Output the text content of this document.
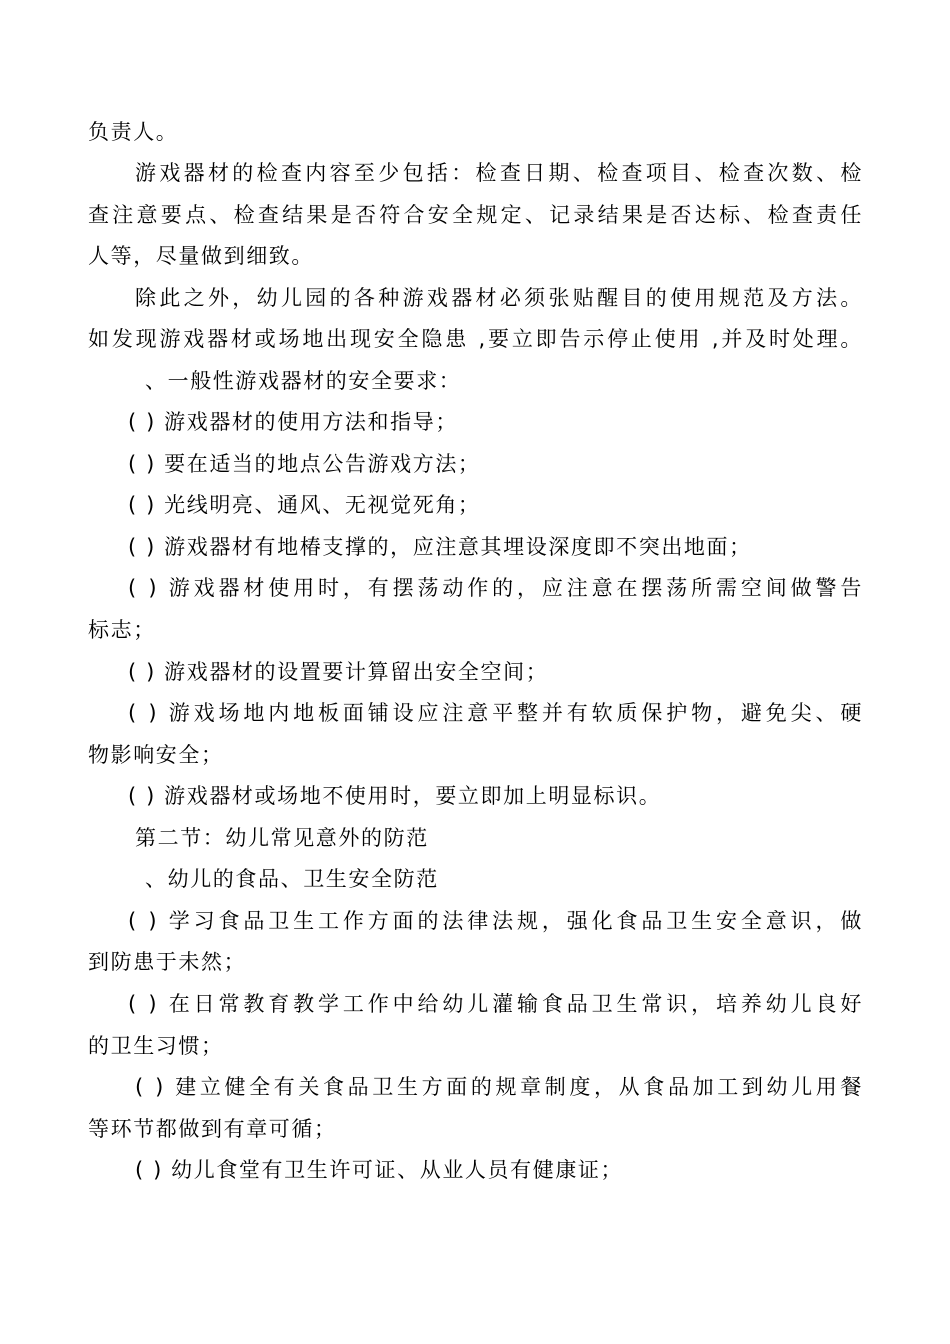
负责人。
游戏器材的检查内容至少包括：检查日期、检查项目、检查次数、检
查注意要点、检查结果是否符合安全规定、记录结果是否达标、检查责任
人等，尽量做到细致。
除此之外，幼儿园的各种游戏器材必须张贴醒目的使用规范及方法。
如发现游戏器材或场地出现安全隐患 ,要立即告示停止使用 ,并及时处理。
、一般性游戏器材的安全要求：
( ) 游戏器材的使用方法和指导；
( ) 要在适当的地点公告游戏方法；
( ) 光线明亮、通风、无视觉死角；
( ) 游戏器材有地椿支撑的，应注意其埋设深度即不突出地面；
( ) 游戏器材使用时，有摆荡动作的，应注意在摆荡所需空间做警告
标志；
( ) 游戏器材的设置要计算留出安全空间；
( ) 游戏场地内地板面铺设应注意平整并有软质保护物，避免尖、硬
物影响安全；
( ) 游戏器材或场地不使用时，要立即加上明显标识。
第二节：幼儿常见意外的防范
、幼儿的食品、卫生安全防范
( ) 学习食品卫生工作方面的法律法规，强化食品卫生安全意识，做
到防患于未然；
( ) 在日常教育教学工作中给幼儿灌输食品卫生常识，培养幼儿良好
的卫生习惯；
( ) 建立健全有关食品卫生方面的规章制度，从食品加工到幼儿用餐
等环节都做到有章可循；
( ) 幼儿食堂有卫生许可证、从业人员有健康证；
